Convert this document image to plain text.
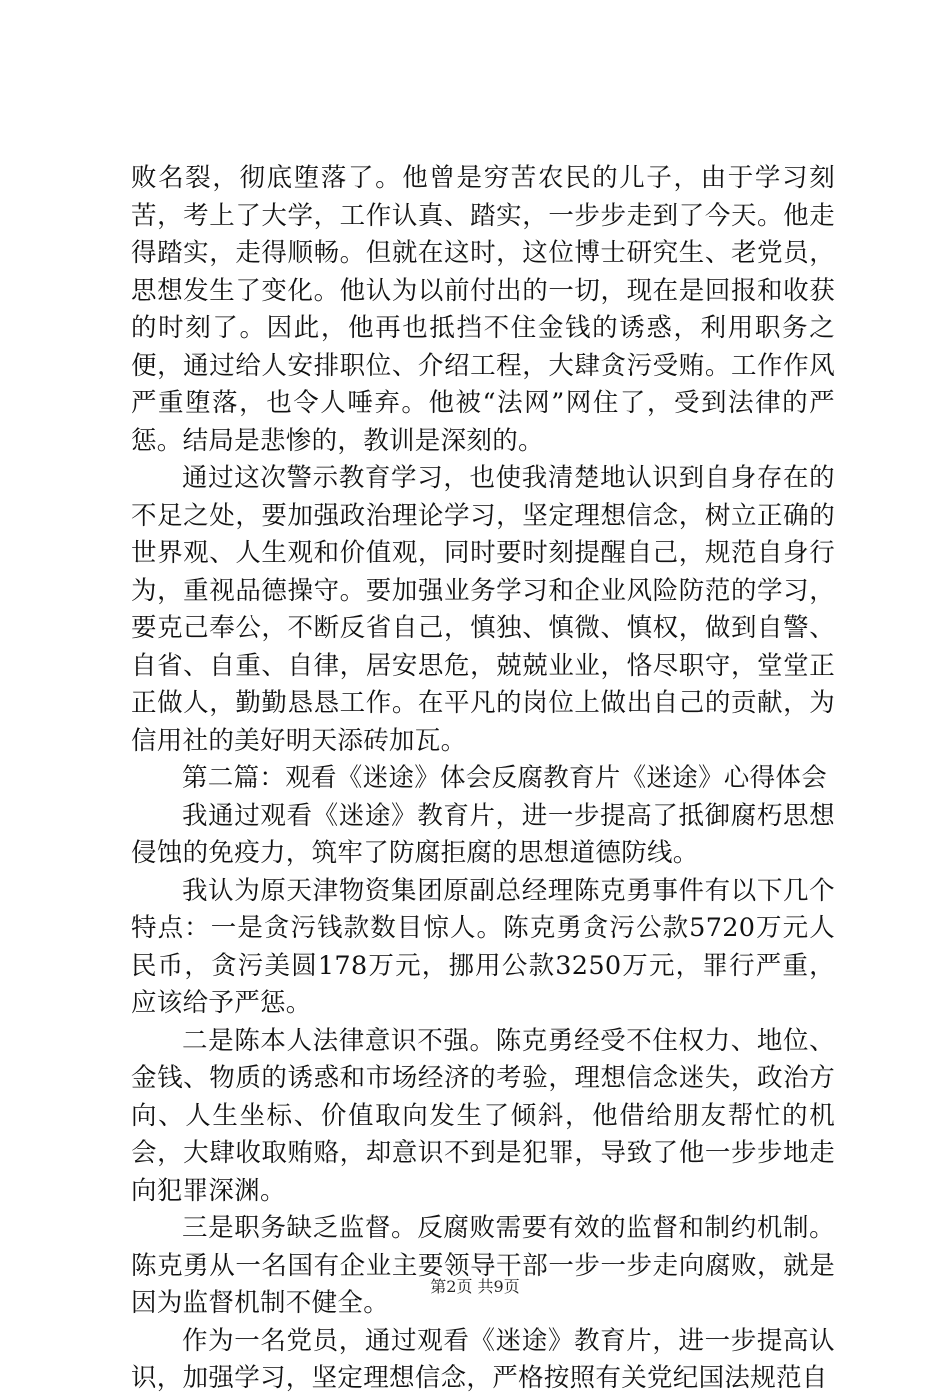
败名裂，彻底堕落了。他曾是穷苦农民的儿子，由于学习刻苦，考上了大学，工作认真、踏实，一步步走到了今天。他走得踏实，走得顺畅。但就在这时，这位博士研究生、老党员，思想发生了变化。他认为以前付出的一切，现在是回报和收获的时刻了。因此，他再也抵挡不住金钱的诱惑，利用职务之便，通过给人安排职位、介绍工程，大肆贪污受贿。工作作风严重堕落，也令人唾弃。他被“法网”网住了，受到法律的严惩。结局是悲惨的，教训是深刻的。

通过这次警示教育学习，也使我清楚地认识到自身存在的不足之处，要加强政治理论学习，坚定理想信念，树立正确的世界观、人生观和价值观，同时要时刻提醒自己，规范自身行为，重视品德操守。要加强业务学习和企业风险防范的学习，要克己奉公，不断反省自己，慎独、慎微、慎权，做到自警、自省、自重、自律，居安思危，兢兢业业，恪尽职守，堂堂正正做人，勤勤恳恳工作。在平凡的岗位上做出自己的贡献，为信用社的美好明天添砖加瓦。

第二篇：观看《迷途》体会反腐教育片《迷途》心得体会

我通过观看《迷途》教育片，进一步提高了抵御腐朽思想侵蚀的免疫力，筑牢了防腐拒腐的思想道德防线。

我认为原天津物资集团原副总经理陈克勇事件有以下几个特点：一是贪污钱款数目惊人。陈克勇贪污公款5720万元人民币，贪污美圆178万元，挪用公款3250万元，罪行严重，应该给予严惩。

二是陈本人法律意识不强。陈克勇经受不住权力、地位、金钱、物质的诱惑和市场经济的考验，理想信念迷失，政治方向、人生坐标、价值取向发生了倾斜，他借给朋友帮忙的机会，大肆收取贿赂，却意识不到是犯罪，导致了他一步步地走向犯罪深渊。

三是职务缺乏监督。反腐败需要有效的监督和制约机制。陈克勇从一名国有企业主要领导干部一步一步走向腐败，就是因为监督机制不健全。

作为一名党员，通过观看《迷途》教育片，进一步提高认识，加强学习，坚定理想信念，严格按照有关党纪国法规范自

第2页 共9页
